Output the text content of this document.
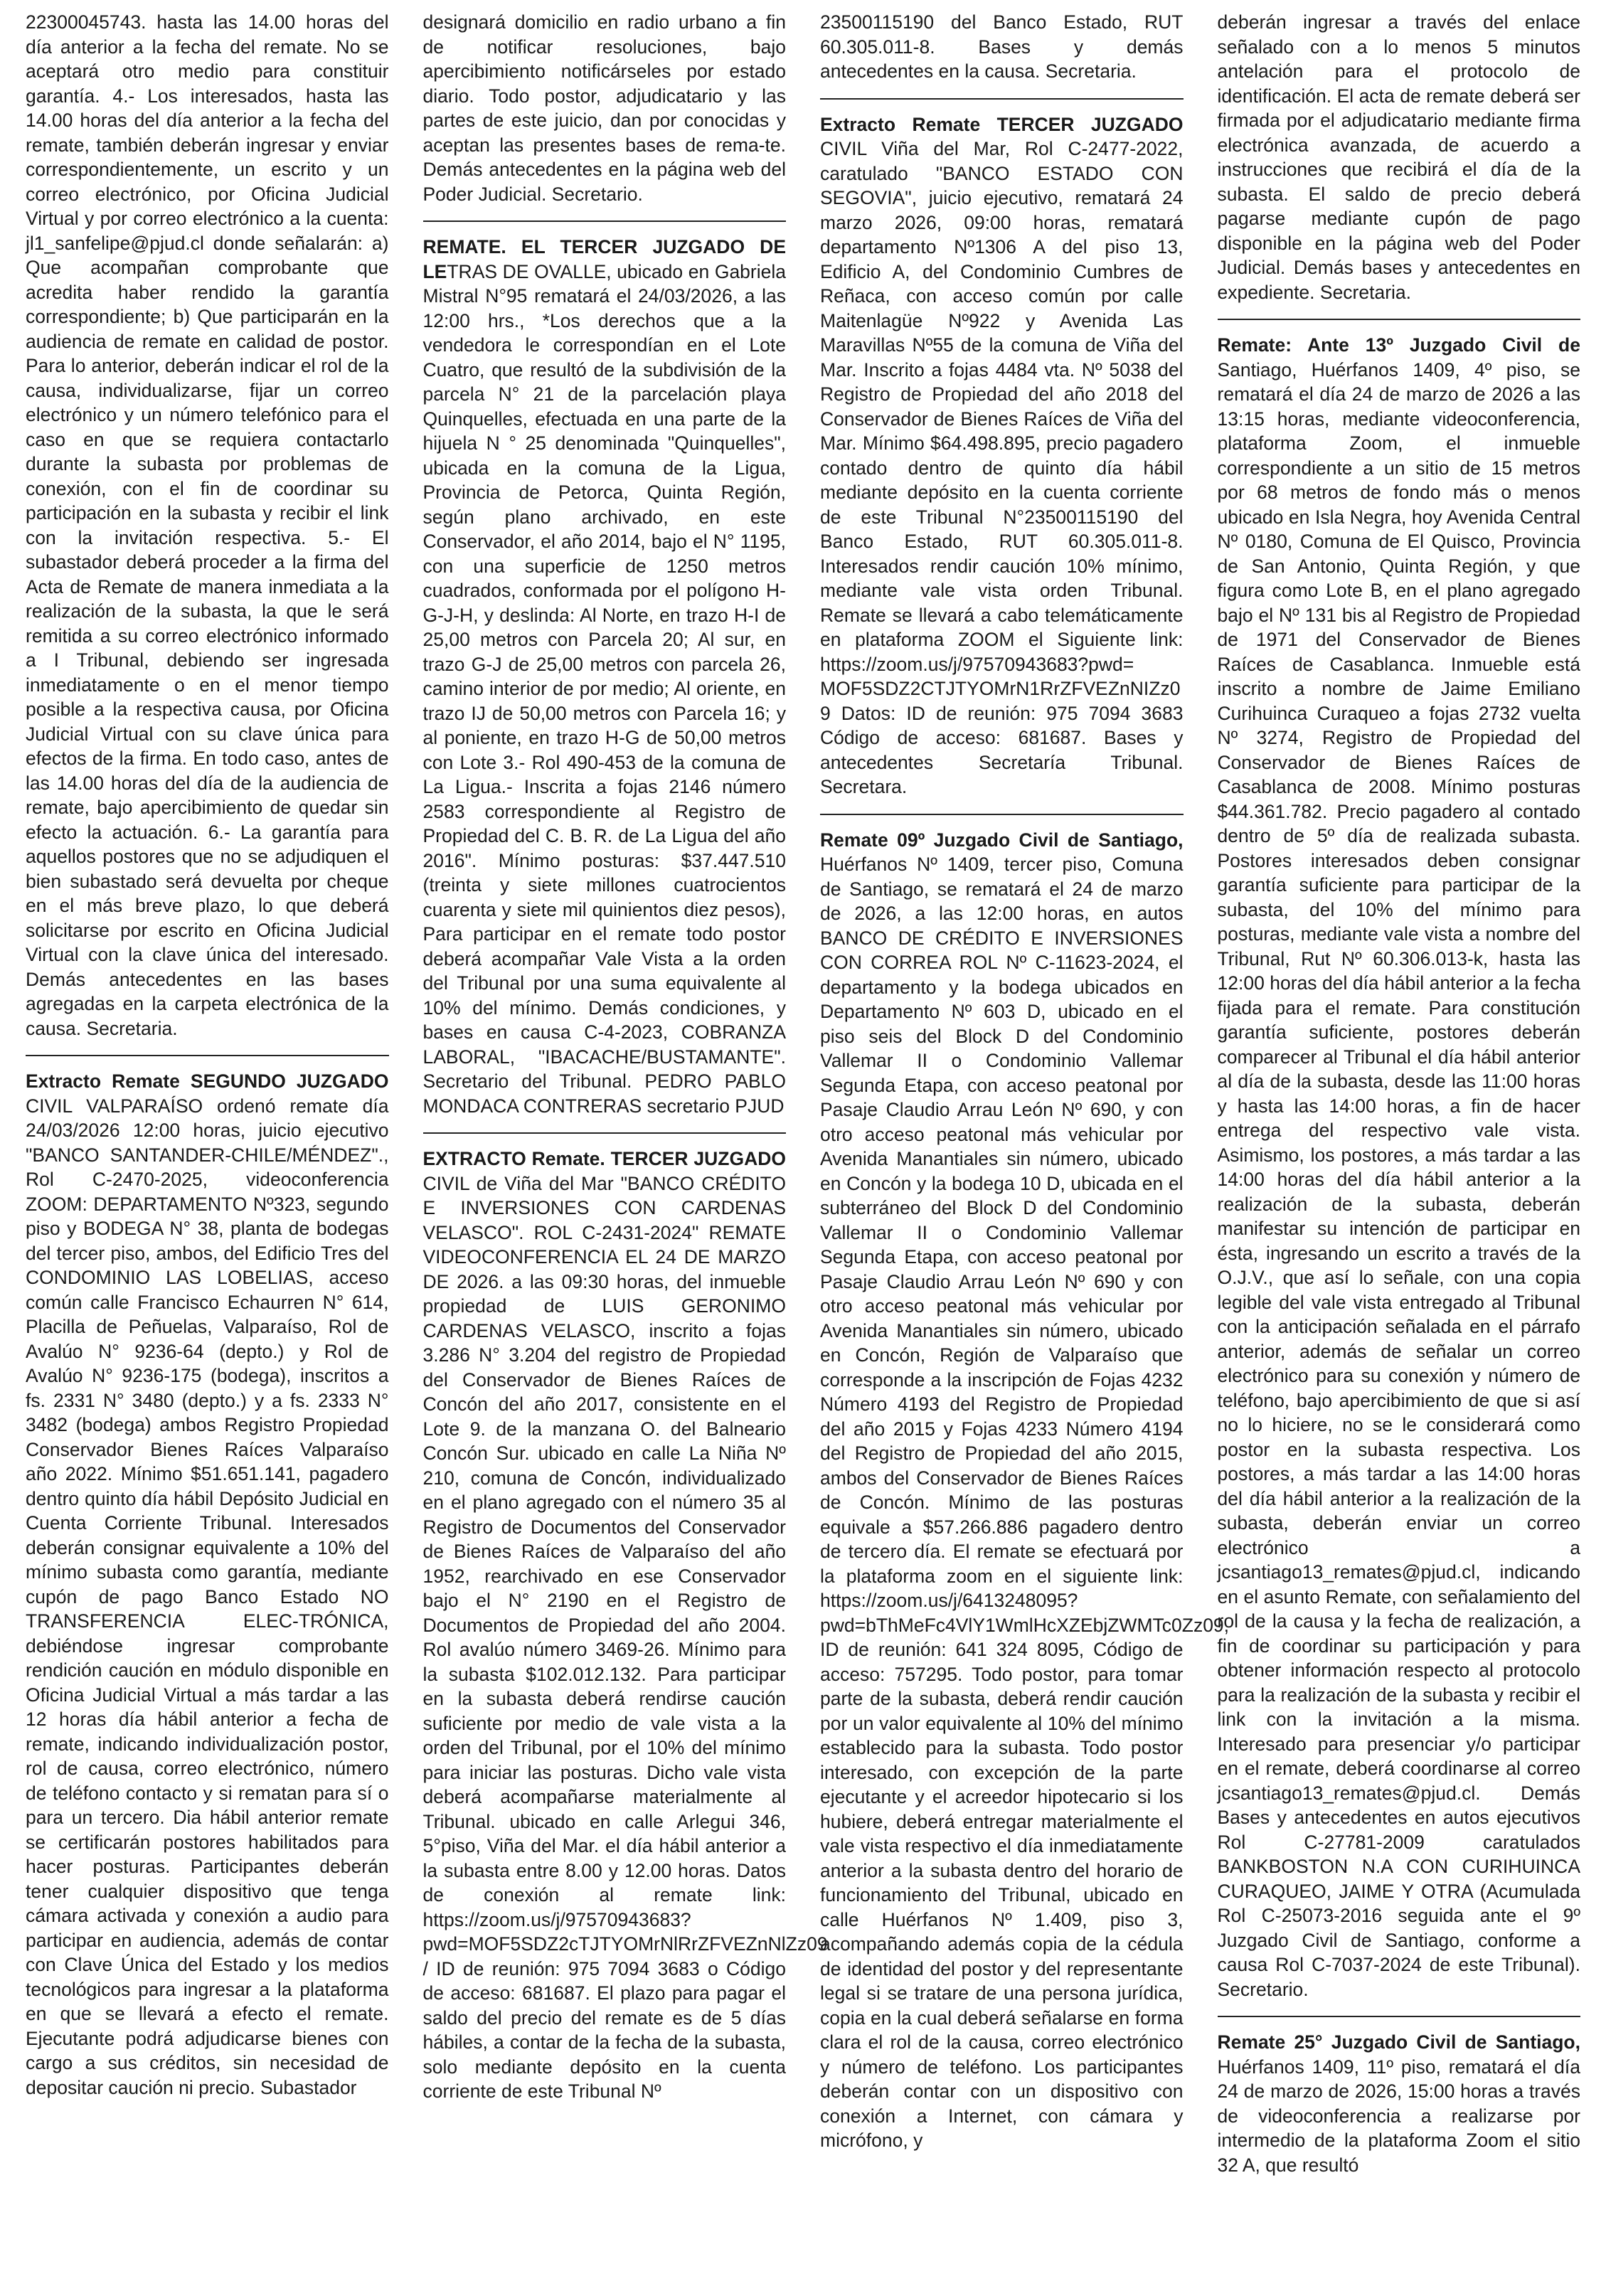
22300045743. hasta las 14.00 horas del día anterior a la fecha del remate. No se aceptará otro medio para constituir garantía. 4.- Los interesados, hasta las 14.00 horas del día anterior a la fecha del remate, también deberán ingresar y enviar correspondientemente, un escrito y un correo electrónico, por Oficina Judicial Virtual y por correo electrónico a la cuenta: jl1_sanfelipe@pjud.cl donde señalarán: a) Que acompañan comprobante que acredita haber rendido la garantía correspondiente; b) Que participarán en la audiencia de remate en calidad de postor. Para lo anterior, deberán indicar el rol de la causa, individualizarse, fijar un correo electrónico y un número telefónico para el caso en que se requiera contactarlo durante la subasta por problemas de conexión, con el fin de coordinar su participación en la subasta y recibir el link con la invitación respectiva. 5.- El subastador deberá proceder a la firma del Acta de Remate de manera inmediata a la realización de la subasta, la que le será remitida a su correo electrónico informado a I Tribunal, debiendo ser ingresada inmediatamente o en el menor tiempo posible a la respectiva causa, por Oficina Judicial Virtual con su clave única para efectos de la firma. En todo caso, antes de las 14.00 horas del día de la audiencia de remate, bajo apercibimiento de quedar sin efecto la actuación. 6.- La garantía para aquellos postores que no se adjudiquen el bien subastado será devuelta por cheque en el más breve plazo, lo que deberá solicitarse por escrito en Oficina Judicial Virtual con la clave única del interesado. Demás antecedentes en las bases agregadas en la carpeta electrónica de la causa. Secretaria.

Extracto Remate SEGUNDO JUZGADO CIVIL VALPARAÍSO ordenó remate día 24/03/2026 12:00 horas, juicio ejecutivo "BANCO SANTANDER-CHILE/MÉNDEZ"., Rol C-2470-2025, videoconferencia ZOOM: DEPARTAMENTO Nº323, segundo piso y BODEGA N° 38, planta de bodegas del tercer piso, ambos, del Edificio Tres del CONDOMINIO LAS LOBELIAS, acceso común calle Francisco Echaurren N° 614, Placilla de Peñuelas, Valparaíso, Rol de Avalúo N° 9236-64 (depto.) y Rol de Avalúo N° 9236-175 (bodega), inscritos a fs. 2331 N° 3480 (depto.) y a fs. 2333 N° 3482 (bodega) ambos Registro Propiedad Conservador Bienes Raíces Valparaíso año 2022. Mínimo $51.651.141, pagadero dentro quinto día hábil Depósito Judicial en Cuenta Corriente Tribunal. Interesados deberán consignar equivalente a 10% del mínimo subasta como garantía, mediante cupón de pago Banco Estado NO TRANSFERENCIA ELEC-TRÓNICA, debiéndose ingresar comprobante rendición caución en módulo disponible en Oficina Judicial Virtual a más tardar a las 12 horas día hábil anterior a fecha de remate, indicando individualización postor, rol de causa, correo electrónico, número de teléfono contacto y si rematan para sí o para un tercero. Dia hábil anterior remate se certificarán postores habilitados para hacer posturas. Participantes deberán tener cualquier dispositivo que tenga cámara activada y conexión a audio para participar en audiencia, además de contar con Clave Única del Estado y los medios tecnológicos para ingresar a la plataforma en que se llevará a efecto el remate. Ejecutante podrá adjudicarse bienes con cargo a sus créditos, sin necesidad de depositar caución ni precio. Subastador

designará domicilio en radio urbano a fin de notificar resoluciones, bajo apercibimiento notificárseles por estado diario. Todo postor, adjudicatario y las partes de este juicio, dan por conocidas y aceptan las presentes bases de rema-te. Demás antecedentes en la página web del Poder Judicial. Secretario.

REMATE. EL TERCER JUZGADO DE LETRAS DE OVALLE, ubicado en Gabriela Mistral N°95 rematará el 24/03/2026, a las 12:00 hrs., *Los derechos que a la vendedora le correspondían en el Lote Cuatro, que resultó de la subdivisión de la parcela N° 21 de la parcelación playa Quinquelles, efectuada en una parte de la hijuela N ° 25 denominada "Quinquelles", ubicada en la comuna de la Ligua, Provincia de Petorca, Quinta Región, según plano archivado, en este Conservador, el año 2014, bajo el N° 1195, con una superficie de 1250 metros cuadrados, conformada por el polígono H-G-J-H, y deslinda: Al Norte, en trazo H-I de 25,00 metros con Parcela 20; Al sur, en trazo G-J de 25,00 metros con parcela 26, camino interior de por medio; Al oriente, en trazo IJ de 50,00 metros con Parcela 16; y al poniente, en trazo H-G de 50,00 metros con Lote 3.- Rol 490-453 de la comuna de La Ligua.- Inscrita a fojas 2146 número 2583 correspondiente al Registro de Propiedad del C. B. R. de La Ligua del año 2016". Mínimo posturas: $37.447.510 (treinta y siete millones cuatrocientos cuarenta y siete mil quinientos diez pesos), Para participar en el remate todo postor deberá acompañar Vale Vista a la orden del Tribunal por una suma equivalente al 10% del mínimo. Demás condiciones, y bases en causa C-4-2023, COBRANZA LABORAL, "IBACACHE/BUSTAMANTE". Secretario del Tribunal. PEDRO PABLO MONDACA CONTRERAS secretario PJUD

EXTRACTO Remate. TERCER JUZGADO CIVIL de Viña del Mar "BANCO CRÉDITO E INVERSIONES CON CARDENAS VELASCO". ROL C-2431-2024" REMATE VIDEOCONFERENCIA EL 24 DE MARZO DE 2026. a las 09:30 horas, del inmueble propiedad de LUIS GERONIMO CARDENAS VELASCO, inscrito a fojas 3.286 N° 3.204 del registro de Propiedad del Conservador de Bienes Raíces de Concón del año 2017, consistente en el Lote 9. de la manzana O. del Balneario Concón Sur. ubicado en calle La Niña Nº 210, comuna de Concón, individualizado en el plano agregado con el número 35 al Registro de Documentos del Conservador de Bienes Raíces de Valparaíso del año 1952, rearchivado en ese Conservador bajo el N° 2190 en el Registro de Documentos de Propiedad del año 2004. Rol avalúo número 3469-26. Mínimo para la subasta $102.012.132. Para participar en la subasta deberá rendirse caución suficiente por medio de vale vista a la orden del Tribunal, por el 10% del mínimo para iniciar las posturas. Dicho vale vista deberá acompañarse materialmente al Tribunal. ubicado en calle Arlegui 346, 5°piso, Viña del Mar. el día hábil anterior a la subasta entre 8.00 y 12.00 horas. Datos de conexión al remate link: https://zoom.us/j/97570943683?pwd=MOF5SDZ2cTJTYOMrNlRrZFVEZnNlZz09 / ID de reunión: 975 7094 3683 o Código de acceso: 681687. El plazo para pagar el saldo del precio del remate es de 5 días hábiles, a contar de la fecha de la subasta, solo mediante depósito en la cuenta corriente de este Tribunal Nº

23500115190 del Banco Estado, RUT 60.305.011-8. Bases y demás antecedentes en la causa. Secretaria.

Extracto Remate TERCER JUZGADO CIVIL Viña del Mar, Rol C-2477-2022, caratulado "BANCO ESTADO CON SEGOVIA", juicio ejecutivo, rematará 24 marzo 2026, 09:00 horas, rematará departamento Nº1306 A del piso 13, Edificio A, del Condominio Cumbres de Reñaca, con acceso común por calle Maitenlagüe Nº922 y Avenida Las Maravillas Nº55 de la comuna de Viña del Mar. Inscrito a fojas 4484 vta. Nº 5038 del Registro de Propiedad del año 2018 del Conservador de Bienes Raíces de Viña del Mar. Mínimo $64.498.895, precio pagadero contado dentro de quinto día hábil mediante depósito en la cuenta corriente de este Tribunal N°23500115190 del Banco Estado, RUT 60.305.011-8. Interesados rendir caución 10% mínimo, mediante vale vista orden Tribunal. Remate se llevará a cabo telemáticamente en plataforma ZOOM el Siguiente link: https://zoom.us/j/97570943683?pwd= MOF5SDZ2CTJTYOMrN1RrZFVEZnNIZz0 9 Datos: ID de reunión: 975 7094 3683 Código de acceso: 681687. Bases y antecedentes Secretaría Tribunal. Secretara.

Remate 09º Juzgado Civil de Santiago, Huérfanos Nº 1409, tercer piso, Comuna de Santiago, se rematará el 24 de marzo de 2026, a las 12:00 horas, en autos BANCO DE CRÉDITO E INVERSIONES CON CORREA ROL Nº C-11623-2024, el departamento y la bodega ubicados en Departamento Nº 603 D, ubicado en el piso seis del Block D del Condominio Vallemar II o Condominio Vallemar Segunda Etapa, con acceso peatonal por Pasaje Claudio Arrau León Nº 690, y con otro acceso peatonal más vehicular por Avenida Manantiales sin número, ubicado en Concón y la bodega 10 D, ubicada en el subterráneo del Block D del Condominio Vallemar II o Condominio Vallemar Segunda Etapa, con acceso peatonal por Pasaje Claudio Arrau León Nº 690 y con otro acceso peatonal más vehicular por Avenida Manantiales sin número, ubicado en Concón, Región de Valparaíso que corresponde a la inscripción de Fojas 4232 Número 4193 del Registro de Propiedad del año 2015 y Fojas 4233 Número 4194 del Registro de Propiedad del año 2015, ambos del Conservador de Bienes Raíces de Concón. Mínimo de las posturas equivale a $57.266.886 pagadero dentro de tercero día. El remate se efectuará por la plataforma zoom en el siguiente link: https://zoom.us/j/6413248095?pwd=bThMeFc4VlY1WmlHcXZEbjZWMTc0Zz09, ID de reunión: 641 324 8095, Código de acceso: 757295. Todo postor, para tomar parte de la subasta, deberá rendir caución por un valor equivalente al 10% del mínimo establecido para la subasta. Todo postor interesado, con excepción de la parte ejecutante y el acreedor hipotecario si los hubiere, deberá entregar materialmente el vale vista respectivo el día inmediatamente anterior a la subasta dentro del horario de funcionamiento del Tribunal, ubicado en calle Huérfanos Nº 1.409, piso 3, acompañando además copia de la cédula de identidad del postor y del representante legal si se tratare de una persona jurídica, copia en la cual deberá señalarse en forma clara el rol de la causa, correo electrónico y número de teléfono. Los participantes deberán contar con un dispositivo con conexión a Internet, con cámara y micrófono, y

deberán ingresar a través del enlace señalado con a lo menos 5 minutos antelación para el protocolo de identificación. El acta de remate deberá ser firmada por el adjudicatario mediante firma electrónica avanzada, de acuerdo a instrucciones que recibirá el día de la subasta. El saldo de precio deberá pagarse mediante cupón de pago disponible en la página web del Poder Judicial. Demás bases y antecedentes en expediente. Secretaria.

Remate: Ante 13º Juzgado Civil de Santiago, Huérfanos 1409, 4º piso, se rematará el día 24 de marzo de 2026 a las 13:15 horas, mediante videoconferencia, plataforma Zoom, el inmueble correspondiente a un sitio de 15 metros por 68 metros de fondo más o menos ubicado en Isla Negra, hoy Avenida Central Nº 0180, Comuna de El Quisco, Provincia de San Antonio, Quinta Región, y que figura como Lote B, en el plano agregado bajo el Nº 131 bis al Registro de Propiedad de 1971 del Conservador de Bienes Raíces de Casablanca. Inmueble está inscrito a nombre de Jaime Emiliano Curihuinca Curaqueo a fojas 2732 vuelta Nº 3274, Registro de Propiedad del Conservador de Bienes Raíces de Casablanca de 2008. Mínimo posturas $44.361.782. Precio pagadero al contado dentro de 5º día de realizada subasta. Postores interesados deben consignar garantía suficiente para participar de la subasta, del 10% del mínimo para posturas, mediante vale vista a nombre del Tribunal, Rut Nº 60.306.013-k, hasta las 12:00 horas del día hábil anterior a la fecha fijada para el remate. Para constitución garantía suficiente, postores deberán comparecer al Tribunal el día hábil anterior al día de la subasta, desde las 11:00 horas y hasta las 14:00 horas, a fin de hacer entrega del respectivo vale vista. Asimismo, los postores, a más tardar a las 14:00 horas del día hábil anterior a la realización de la subasta, deberán manifestar su intención de participar en ésta, ingresando un escrito a través de la O.J.V., que así lo señale, con una copia legible del vale vista entregado al Tribunal con la anticipación señalada en el párrafo anterior, además de señalar un correo electrónico para su conexión y número de teléfono, bajo apercibimiento de que si así no lo hiciere, no se le considerará como postor en la subasta respectiva. Los postores, a más tardar a las 14:00 horas del día hábil anterior a la realización de la subasta, deberán enviar un correo electrónico a jcsantiago13_remates@pjud.cl, indicando en el asunto Remate, con señalamiento del rol de la causa y la fecha de realización, a fin de coordinar su participación y para obtener información respecto al protocolo para la realización de la subasta y recibir el link con la invitación a la misma. Interesado para presenciar y/o participar en el remate, deberá coordinarse al correo jcsantiago13_remates@pjud.cl. Demás Bases y antecedentes en autos ejecutivos Rol C-27781-2009 caratulados BANKBOSTON N.A CON CURIHUINCA CURAQUEO, JAIME Y OTRA (Acumulada Rol C-25073-2016 seguida ante el 9º Juzgado Civil de Santiago, conforme a causa Rol C-7037-2024 de este Tribunal). Secretario.

Remate 25° Juzgado Civil de Santiago, Huérfanos 1409, 11º piso, rematará el día 24 de marzo de 2026, 15:00 horas a través de videoconferencia a realizarse por intermedio de la plataforma Zoom el sitio 32 A, que resultó
